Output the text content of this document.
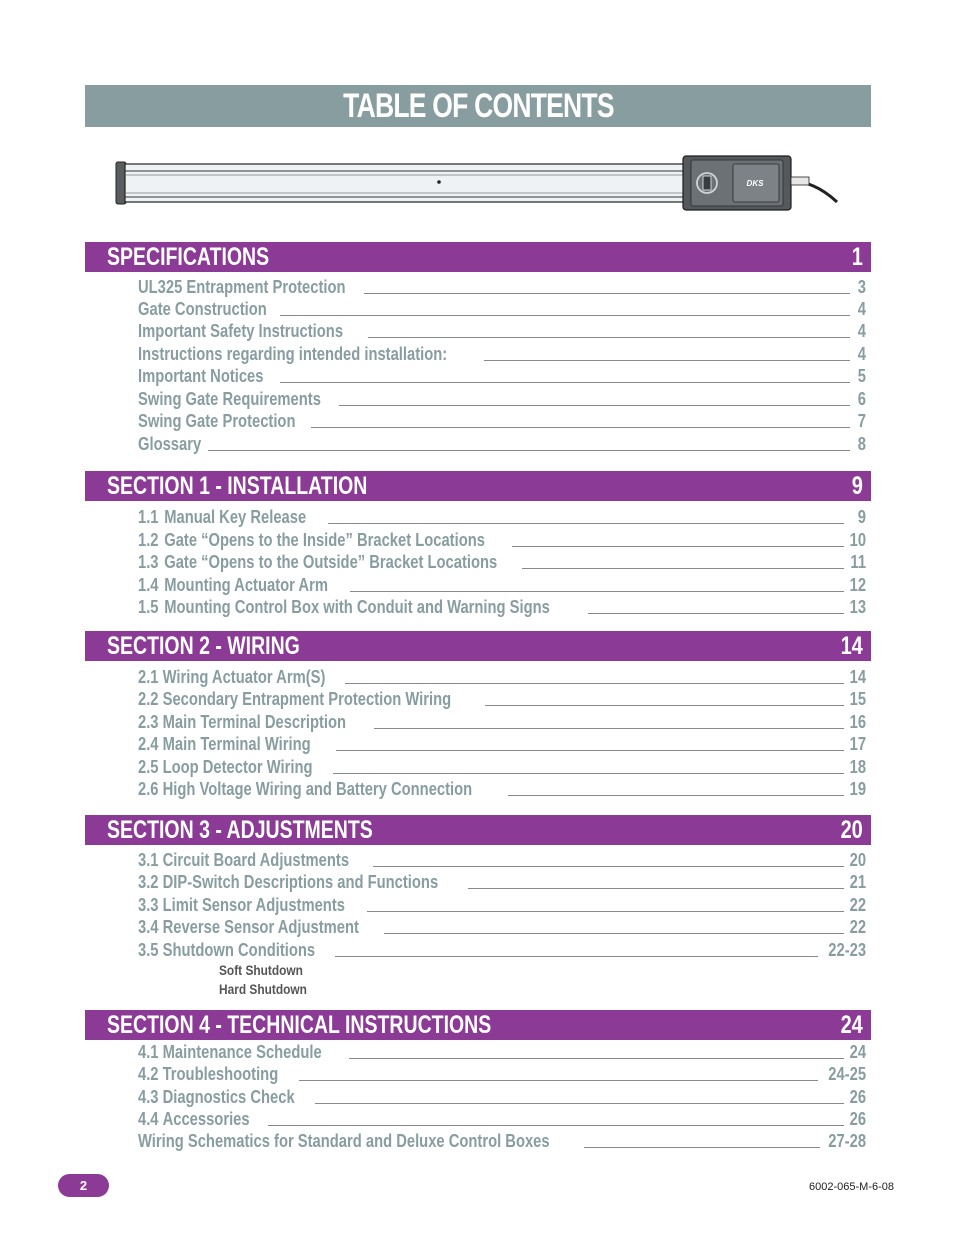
TABLE OF CONTENTS
DKS
SPECIFICATIONS	1
UL325 Entrapment Protection	3
Gate Construction	4
Important Safety Instructions	4
Instructions regarding intended installation:	4
Important Notices	5
Swing Gate Requirements	6
Swing Gate Protection	7
Glossary	8
SECTION 1 - INSTALLATION	9
1.1 Manual Key Release	9
1.2 Gate “Opens to the Inside” Bracket Locations	10
1.3 Gate “Opens to the Outside” Bracket Locations	11
1.4 Mounting Actuator Arm	12
1.5 Mounting Control Box with Conduit and Warning Signs	13
SECTION 2 - WIRING	14
2.1 Wiring Actuator Arm(S)	14
2.2 Secondary Entrapment Protection Wiring	15
2.3 Main Terminal Description	16
2.4 Main Terminal Wiring	17
2.5 Loop Detector Wiring	18
2.6 High Voltage Wiring and Battery Connection	19
SECTION 3 - ADJUSTMENTS	20
3.1 Circuit Board Adjustments	20
3.2 DIP-Switch Descriptions and Functions	21
3.3 Limit Sensor Adjustments	22
3.4 Reverse Sensor Adjustment	22
3.5 Shutdown Conditions	22-23
Soft Shutdown
Hard Shutdown
SECTION 4 - TECHNICAL INSTRUCTIONS	24
4.1 Maintenance Schedule	24
4.2 Troubleshooting	24-25
4.3 Diagnostics Check	26
4.4 Accessories	26
Wiring Schematics for Standard and Deluxe Control Boxes	27-28
2	6002-065-M-6-08
